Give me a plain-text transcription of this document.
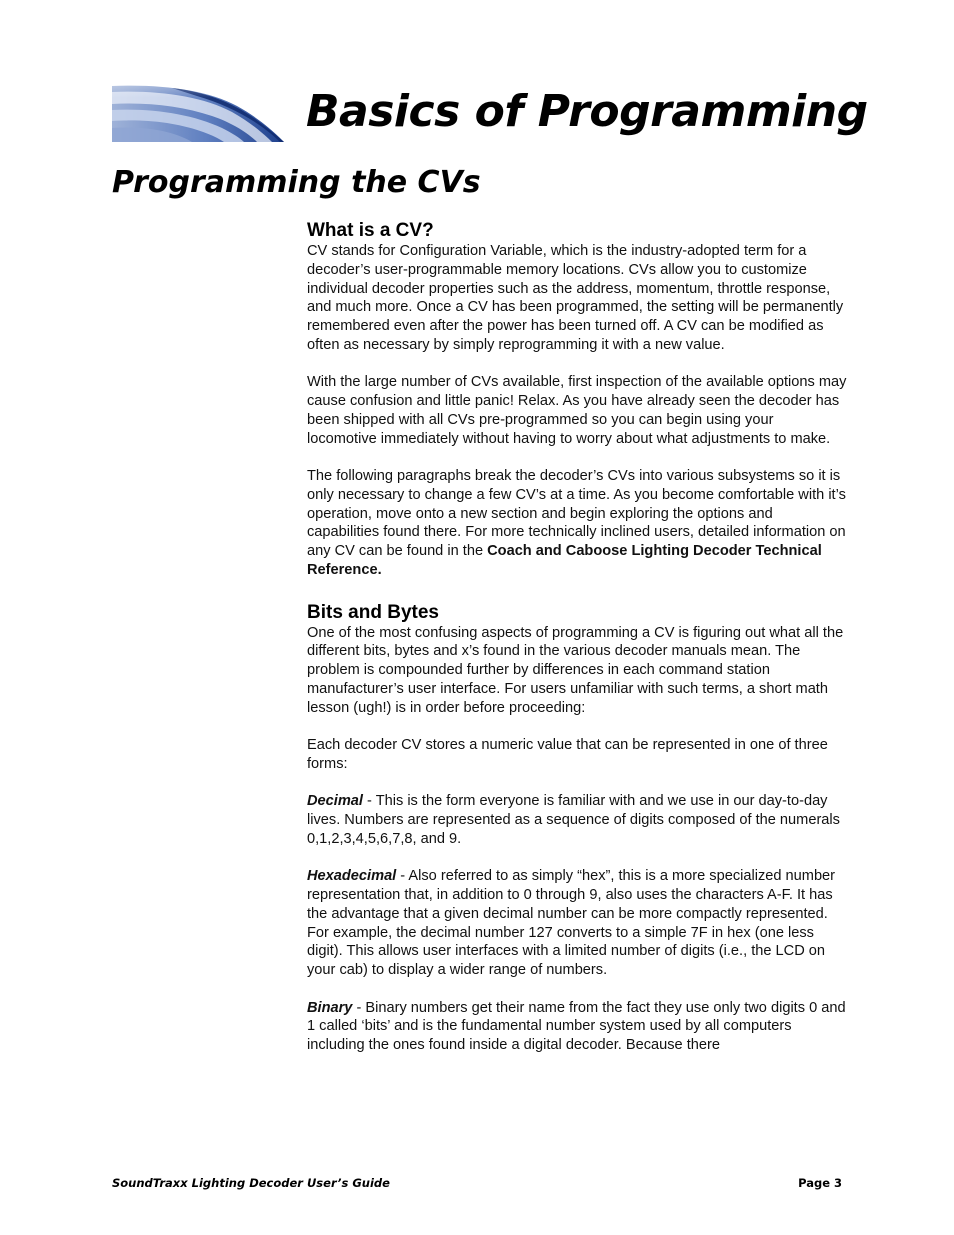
Basics of Programming
Programming the CVs
What is a CV?

CV stands for Configuration Variable, which is the industry-adopted term for a decoder’s user-programmable memory locations. CVs allow you to customize individual decoder properties such as the address, momentum, throttle response, and much more. Once a CV has been programmed, the setting will be permanently remembered even after the power has been turned off. A CV can be modified as often as necessary by simply reprogramming it with a new value.

With the large number of CVs available, first inspection of the available options may cause confusion and little panic! Relax. As you have already seen the decoder has been shipped with all CVs pre-programmed so you can begin using your locomotive immediately without having to worry about what adjustments to make.

The following paragraphs break the decoder’s CVs into various subsystems so it is only necessary to change a few CV’s at a time. As you become comfortable with it’s operation, move onto a new section and begin exploring the options and capabilities found there. For more technically inclined users, detailed information on any CV can be found in the Coach and Caboose Lighting Decoder Technical Reference.

Bits and Bytes

One of the most confusing aspects of programming a CV is figuring out what all the different bits, bytes and x’s found in the various decoder manuals mean. The problem is compounded further by differences in each command station manufacturer’s user interface. For users unfamiliar with such terms, a short math lesson (ugh!) is in order before proceeding:

Each decoder CV stores a numeric value that can be represented in one of three forms:

Decimal - This is the form everyone is familiar with and we use in our day-to-day lives. Numbers are represented as a sequence of digits composed of the numerals 0,1,2,3,4,5,6,7,8, and 9.

Hexadecimal - Also referred to as simply “hex”, this is a more specialized number representation that, in addition to 0 through 9, also uses the characters A-F. It has the advantage that a given decimal number can be more compactly represented. For example, the decimal number 127 converts to a simple 7F in hex (one less digit). This allows user interfaces with a limited number of digits (i.e., the LCD on your cab) to display a wider range of numbers.

Binary - Binary numbers get their name from the fact they use only two digits 0 and 1 called ‘bits’ and is the fundamental number system used by all computers including the ones found inside a digital decoder. Because there

SoundTraxx Lighting Decoder User’s Guide	Page 3
